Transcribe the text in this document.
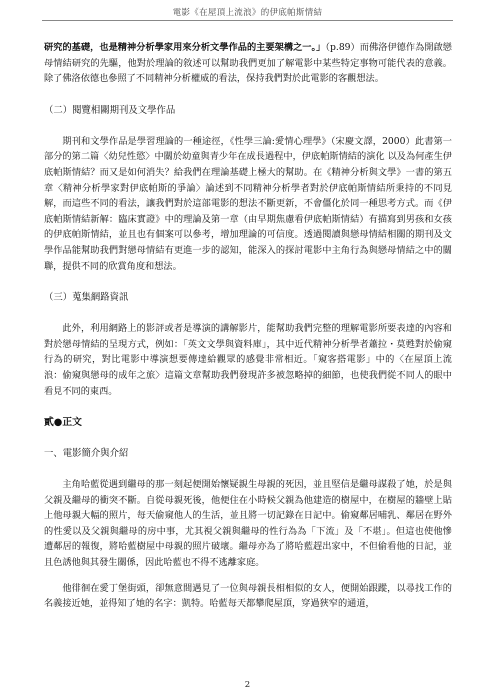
電影《在屋頂上流浪》的伊底帕斯情結

研究的基礎，也是精神分析學家用來分析文學作品的主要架構之一。」（p.89）而佛洛伊德作為開啟戀母情結研究的先驅，他對於理論的敘述可以幫助我們更加了解電影中某些特定事物可能代表的意義。除了佛洛依德也參照了不同精神分析權威的看法，保持我們對於此電影的客觀想法。

（二）閱覽相關期刊及文學作品

期刊和文學作品是學習理論的一種途徑，《性學三論:愛情心理學》（宋慶文譯，2000）此書第一部分的第二篇〈幼兒性慾〉中關於幼童與青少年在成長過程中，伊底帕斯情結的演化 以及為何產生伊底帕斯情結？而又是如何消失？給我們在理論基礎上極大的幫助。在《精神分析與文學》一書的第五章〈精神分析學家對伊底帕斯的爭論〉論述到不同精神分析學者對於伊底帕斯情結所秉持的不同見解，而這些不同的看法，讓我們對於這部電影的想法不斷更新，不會僵化於同一種思考方式。而《伊底帕斯情結新解：臨床實證》中的理論及第一章（由早期焦慮看伊底帕斯情結）有描寫到男孩和女孩的伊底帕斯情結，並且也有個案可以參考，增加理論的可信度。透過閱讀與戀母情結相關的期刊及文學作品能幫助我們對戀母情結有更進一步的認知，能深入的探討電影中主角行為與戀母情結之中的關聯，提供不同的欣賞角度和想法。

（三）蒐集網路資訊

此外，利用網路上的影評或者是導演的講解影片，能幫助我們完整的理解電影所要表達的內容和對於戀母情結的呈現方式，例如：「英文文學與資料庫」，其中近代精神分析學者蕭拉・莫甦對於偷窺行為的研究，對比電影中導演想要傳達給觀眾的感覺非常相近。「窺客搭電影」中的〈在屋頂上流浪：偷窺與戀母的成年之旅〉這篇文章幫助我們發現許多被忽略掉的細節，也使我們從不同人的眼中看見不同的東西。

貳●正文

一、電影簡介與介紹

主角哈藍從遇到繼母的那一刻起便開始懷疑親生母親的死因，並且堅信是繼母謀殺了她，於是與父親及繼母的衝突不斷。自從母親死後，他便住在小時候父親為他建造的樹屋中，在樹屋的牆壁上貼上他母親大幅的照片，每天偷窺他人的生活，並且將一切記錄在日記中。偷窺鄰居哺乳、鄰居在野外的性愛以及父親與繼母的房中事，尤其視父親與繼母的性行為為「下流」及「不堪」。但這也使他慘遭鄰居的報復，將哈藍樹屋中母親的照片破壞。繼母亦為了將哈藍趕出家中，不但偷看他的日記，並且色誘他與其發生關係，因此哈藍也不得不逃離家庭。

他徘徊在愛丁堡街頭，卻無意間遇見了一位與母親長相相似的女人，便開始跟蹤，以尋找工作的名義接近她，並得知了她的名字：凱特。哈藍每天都攀爬屋頂，穿過狹窄的通道，

2
